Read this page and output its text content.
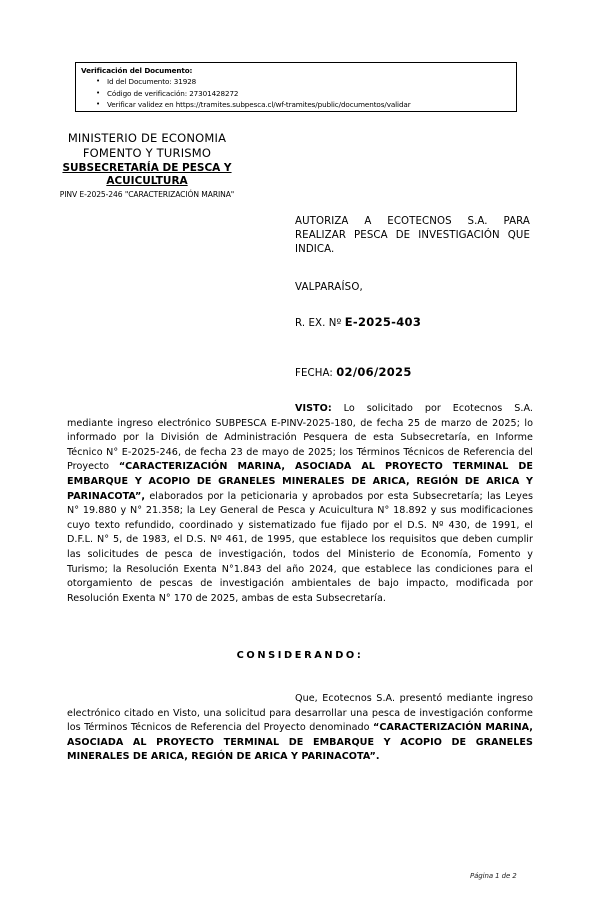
Verificación del Documento:
• Id del Documento: 31928
• Código de verificación: 27301428272
• Verificar validez en https://tramites.subpesca.cl/wf-tramites/public/documentos/validar
MINISTERIO DE ECONOMIA
FOMENTO Y TURISMO
SUBSECRETARÍA DE PESCA Y
ACUICULTURA
PINV E-2025-246 "CARACTERIZACIÓN MARINA"
AUTORIZA A ECOTECNOS S.A. PARA REALIZAR PESCA DE INVESTIGACIÓN QUE INDICA.
VALPARAÍSO,
R. EX. Nº E-2025-403
FECHA: 02/06/2025

VISTO: Lo solicitado por Ecotecnos S.A. mediante ingreso electrónico SUBPESCA E-PINV-2025-180, de fecha 25 de marzo de 2025; lo informado por la División de Administración Pesquera de esta Subsecretaría, en Informe Técnico N° E-2025-246, de fecha 23 de mayo de 2025; los Términos Técnicos de Referencia del Proyecto “CARACTERIZACIÓN MARINA, ASOCIADA AL PROYECTO TERMINAL DE EMBARQUE Y ACOPIO DE GRANELES MINERALES DE ARICA, REGIÓN DE ARICA Y PARINACOTA”, elaborados por la peticionaria y aprobados por esta Subsecretaría; las Leyes N° 19.880 y N° 21.358; la Ley General de Pesca y Acuicultura N° 18.892 y sus modificaciones cuyo texto refundido, coordinado y sistematizado fue fijado por el D.S. Nº 430, de 1991, el D.F.L. N° 5, de 1983, el D.S. Nº 461, de 1995, que establece los requisitos que deben cumplir las solicitudes de pesca de investigación, todos del Ministerio de Economía, Fomento y Turismo; la Resolución Exenta N°1.843 del año 2024, que establece las condiciones para el otorgamiento de pescas de investigación ambientales de bajo impacto, modificada por Resolución Exenta N° 170 de 2025, ambas de esta Subsecretaría.

CONSIDERANDO:

Que, Ecotecnos S.A. presentó mediante ingreso electrónico citado en Visto, una solicitud para desarrollar una pesca de investigación conforme los Términos Técnicos de Referencia del Proyecto denominado “CARACTERIZACIÓN MARINA, ASOCIADA AL PROYECTO TERMINAL DE EMBARQUE Y ACOPIO DE GRANELES MINERALES DE ARICA, REGIÓN DE ARICA Y PARINACOTA”.

Página 1 de 2
